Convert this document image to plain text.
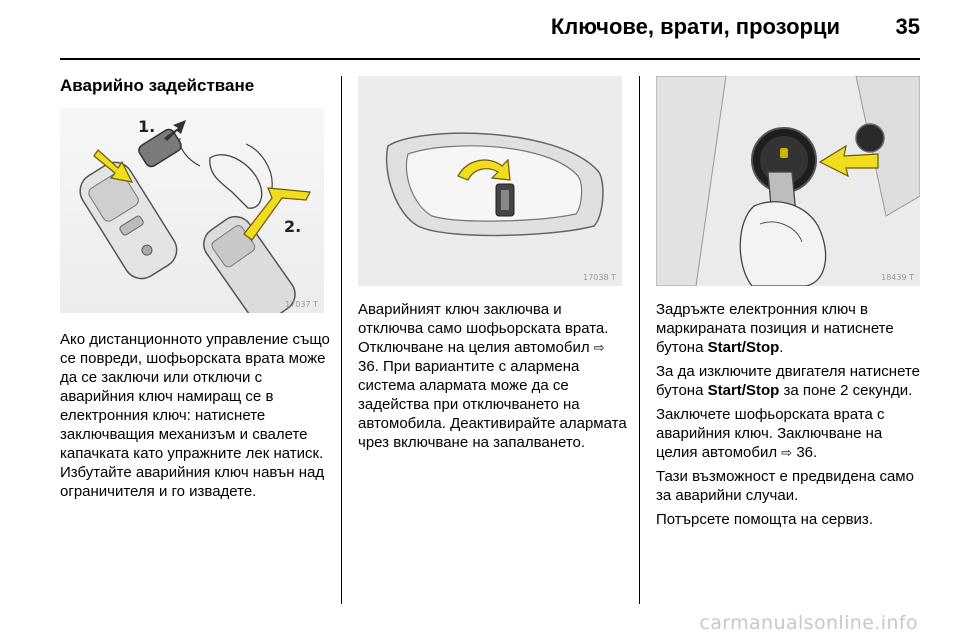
Ключове, врати, прозорци	35
Аварийно задействане
1.
2.
17037 T
17038 T	18439 T

Ако дистанционното управление също се повреди, шофьорската врата може да се заключи или отключи с аварийния ключ намиращ се в електронния ключ: натиснете заключващия механизъм и свалете капачката като упражните лек натиск. Избутайте аварийния ключ навън над ограничителя и го извадете.

Аварийният ключ заключва и отключва само шофьорската врата. Отключване на целия автомобил ⇨ 36. При вариантите с алармена система алармата може да се задейства при отключването на автомобила. Деактивирайте алармата чрез включване на запалването.

Задръжте електронния ключ в маркираната позиция и натиснете бутона Start/Stop.

За да изключите двигателя натиснете бутона Start/Stop за поне 2 секунди.

Заключете шофьорската врата с аварийния ключ. Заключване на целия автомобил ⇨ 36.

Тази възможност е предвидена само за аварийни случаи.

Потърсете помощта на сервиз.

carmanualsonline.info
